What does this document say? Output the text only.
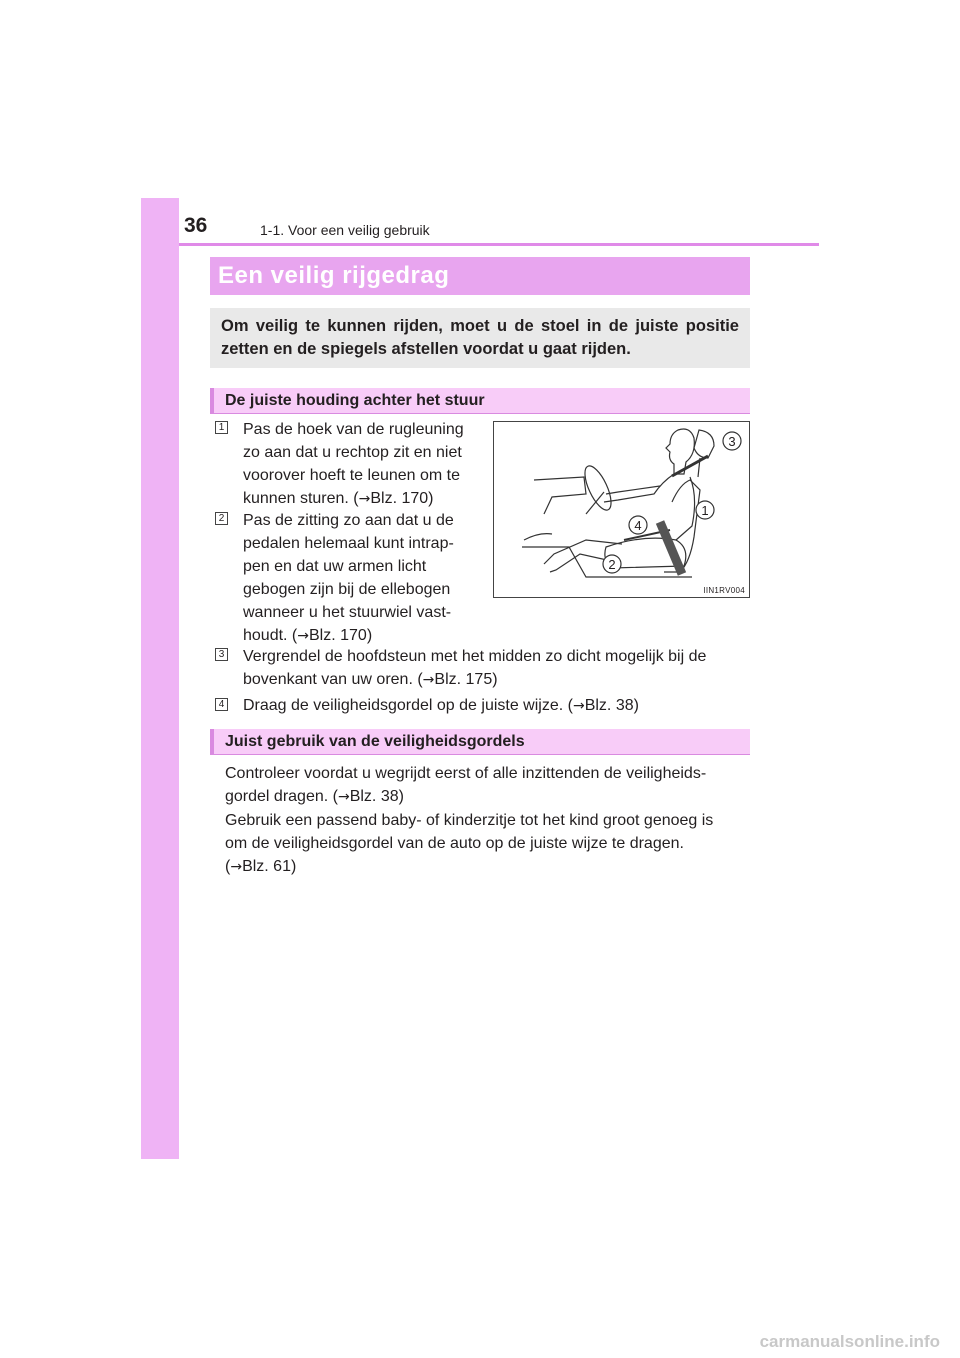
36	1-1. Voor een veilig gebruik
Een veilig rijgedrag
Om veilig te kunnen rijden, moet u de stoel in de juiste positie zetten en de spiegels afstellen voordat u gaat rijden.
De juiste houding achter het stuur
1 Pas de hoek van de rugleuning
zo aan dat u rechtop zit en niet
voorover hoeft te leunen om te
kunnen sturen. (→Blz. 170)
2 Pas de zitting zo aan dat u de
pedalen helemaal kunt intrap-
pen en dat uw armen licht
gebogen zijn bij de ellebogen
wanneer u het stuurwiel vast-
houdt. (→Blz. 170)
3
1
4
2
IIN1RV004
3 Vergrendel de hoofdsteun met het midden zo dicht mogelijk bij de
bovenkant van uw oren. (→Blz. 175)
4 Draag de veiligheidsgordel op de juiste wijze. (→Blz. 38)
Juist gebruik van de veiligheidsgordels
Controleer voordat u wegrijdt eerst of alle inzittenden de veiligheids-
gordel dragen. (→Blz. 38)
Gebruik een passend baby- of kinderzitje tot het kind groot genoeg is
om de veiligheidsgordel van de auto op de juiste wijze te dragen.
(→Blz. 61)
carmanualsonline.info
